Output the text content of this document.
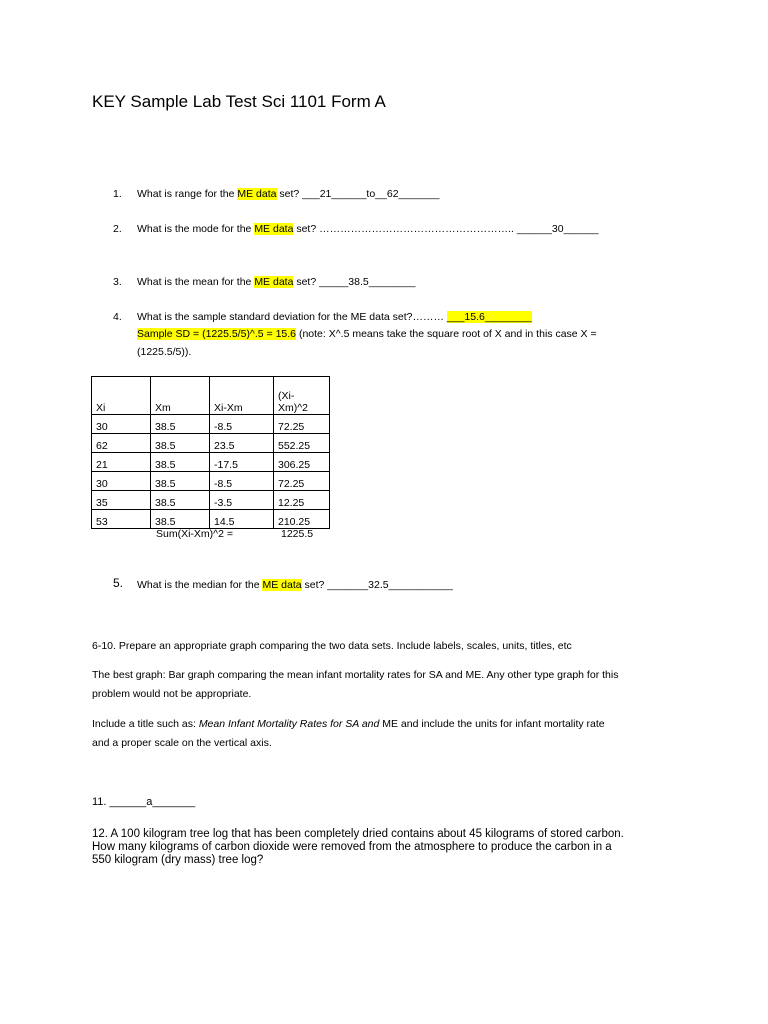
KEY Sample Lab Test Sci 1101 Form A
1. What is range for the ME data set? ___21______to__62_______
2. What is the mode for the ME data set? ……………………………………………….. ______30______
3. What is the mean for the ME data set? _____38.5________
4. What is the sample standard deviation for the ME data set?……… ___15.6________
Sample SD = (1225.5/5)^.5 = 15.6 (note: X^.5 means take the square root of X and in this case X =
(1225.5/5)).
Xi	Xm	Xi-Xm	(Xi-
Xm)^2

30	38.5	-8.5	72.25
62	38.5	23.5	552.25
21	38.5	-17.5	306.25
30	38.5	-8.5	72.25
35	38.5	-3.5	12.25
53	38.5	14.5	210.25
Sum(Xi-Xm)^2 =	1225.5
5. What is the median for the ME data set? _______32.5___________
6-10. Prepare an appropriate graph comparing the two data sets. Include labels, scales, units, titles, etc
The best graph: Bar graph comparing the mean infant mortality rates for SA and ME. Any other type graph for this
problem would not be appropriate.
Include a title such as: Mean Infant Mortality Rates for SA and ME and include the units for infant mortality rate
and a proper scale on the vertical axis.
11. ______a_______
12. A 100 kilogram tree log that has been completely dried contains about 45 kilograms of stored carbon.
How many kilograms of carbon dioxide were removed from the atmosphere to produce the carbon in a
550 kilogram (dry mass) tree log?
